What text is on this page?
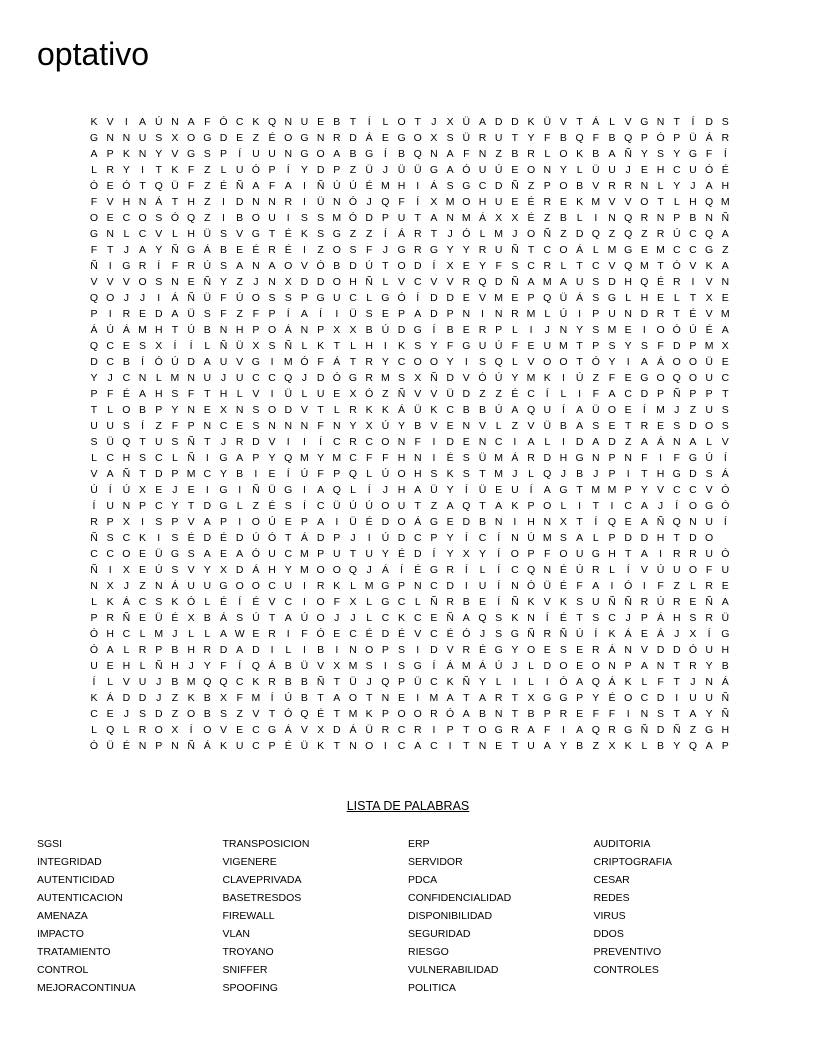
optativo
K V	I	A Ú N A F Ó C K Q N U E B T	Í	L O T J X Ü A D D K Ü V T Á L V G N T	Í	D S
G N N U S X O G D E Z É O G N R D Á E G O X S Ü R U T Y F B Q F B Q P Ó P Ü Á R
A P K N Y V G S P	Í	U U N G O A B G Í	B Q N A F N Z B R L O K B A Ñ Y S Y G F	Í
L R Y	I	T K F Z L U Ó P	Í	Y D P Z Ü J Ü Ü G A Ó U Ú E O N Y L Ü U J E H C U Ó É
Ó E Ó T Q Ü F Z É Ñ A F A	I	Ñ Ú Ú É M H	I	Á S G C D Ñ Z P O B V R R N L Y J A H
F V H N Á T H Z	I	D N N R	I	Ü N Ó J Q F	Í	X M O H U E É R E K M V V O T L H Q M
O E C O S Ó Q Z	I	B O U	I	S S M Ó D P U T A N M Á X X É Z B L	I	N Q R N P B N Ñ
G N L C V L H Ü S V G T É K S G Z Z	Í	Á R T J Ó L M J O Ñ Z D Q Z Q Z R Ú C Q A
F T J A Y Ñ G Á B E É R É	I	Z O S F J G R G Y Y R U Ñ T C O Á L M G E M C C G Z
Ñ	I G R	Í	F R Ú S A N A O V Ó B D Ú T O D	Í	X E Y F S C R L T C V Q M T Ó V K A
V V V O S N E Ñ Y Z J N X D D O H Ñ L V C V V R Q D Ñ A M A U S D H Q É R	I	V N
Q O J	J	I	Á Ñ Ü F Ú O S S P G U C L G Ó Í	D D E V M E P Q Ü Á S G L H E L T X E
P	I	R E D A Ü S F Z F P	Í	A	Í	I	Ü S E P A D P N	I	N R M L Ú	I	P U N D R T É V M
Á Ú Á M H T Ú B N H P O Á N P X X B Ú D G Í	B E R P L	I	J N Y S M E	I O Ó Ú É A
Q C E S X	Í	Í	L Ñ Ü X S Ñ L K T L H	I	K S Y F G U Ú F E U M T P S Y S F D P M X
D C B	Í Ó Ú D A U V G I M Ó F Á T R Y C O O Y	I	S Q L V O O T Ó Y	I	A Á O O Ü E
Y J C N L M N U J U C C Q J D Ó G R M S X Ñ D V Ó Ú Y M K	I	Ú Z F E G O Q O U C
P F É A H S F T H L V	I	Ü L U E X Ó Z Ñ V V Ü D Z Z É C	Í	L	I	F A C D P Ñ P P T
T L O B P Y N E X N S O D V T L R K K Á Ü K C B B Ú A Q U	Í	A Ü O E	Í M J Z U S
U U S	Í	Z F P N C E S N N N F N Y X Ú Y B V E N V L Z V Ü B A S E T R E S D O S
S Ü Q T U S Ñ T J R D V	I	I	Í	C R C O N F	I	D E N C	I	A L	I	D A D Z A Á N A L V
L C H S C L Ñ	I G A P Y Q M Y M C F F H N	I	É S Ü M Á R D H G N P N F	I	F G Ú	Í
V A Ñ T D P M C Y B	I	E	Í	Ú F P Q L Ú O H S K S T M J L Q J B J P	I	T H G D S Á
Ú	Í	Ú X E J E	I G I	Ñ Ü G I	A Q L	Í	J H A Ü Y	Í	Ü E U	Í	A G T M M P Y V C C V Ó
Í	U N P C Y T D G L Z É S	Í	C Ü Ú Ú O U T Z A Q T A K P O L	I	T	I	C A J	Í O G Ó
R P X	I	S P V A P	I O Ú E P A	I	Ü É D O Á G E D B N	I	H N X T	Í Q E A Ñ Q N U	Í
Ñ S C K	I	S É D É D Ú Ó T Á D P J	I	Ú D C P Y	Í	C	Í	N Ú M S A L P D D H T D O
C C O E Ü G S A E A Ó U C M P U T U Y É D	Í	Y X Y	Í O P F O U G H T A	I	R R U Ó
Ñ	I	X E Ú S V Y X D Á H Y M O O Q J Á	Í	É G R	Í	L	Í	C Q N É Ú R L	Í	V Ú U O F U
N X J Z N Á U U G O O C U	I	R K L M G P N C D	I	U	Í	N Ó Ü É F A	I Ó I	F Z L R E
L K Á C S K Ó L É	Í	É V C	I O F X L G C L Ñ R B E	Í	Ñ K V K S U Ñ Ñ R Ú R E Ñ A
P R Ñ E Ü É X B Á S Ú T A Ú O J	J L C K C E Ñ A Q S K N	Í	É T S C J P Á H S R Ü
Ó H C L M J L L A W E R	I	F Ó E C É D É V C É Ó J S G Ñ R Ñ Ú	Í	K Á E Á J X	Í G
Ó A L R P B H R D A D	I	L	I	B	I	N O P S	I	D V R É G Y O E S E R Á N V D D Ó U H
U E H L Ñ H J Y F	Í Q Á B Ü V X M S	I	S G Í	Á M Á Ú J L D O E O N P A N T R Y B
Í	L V U J B M Q Q C K R B B Ñ T Ü J Q P Ü C K Ñ Y L	I	L	I Ó A Q Á K L F T J N Á
K Á D D J Z K B X F M Í	Ú B T A O T N E	I M A T A R T X G G P Y É O C D	I	U U Ñ
C E J S D Z O B S Z V T Ó Q É T M K P O O R Ó A B N T B P R E F F	I	N S T A Y Ñ
L Q L R O X	Í O V E C G Á V X D Á Ü R C R	I	P T O G R A F	I	A Q R G Ñ D Ñ Z G H
Ó Ü É N P N Ñ Á K U C P É Ü K T N O I	C A C	I	T N E T U A Y B Z X K L B Y Q A P
LISTA DE PALABRAS
SGSI
INTEGRIDAD
AUTENTICIDAD
AUTENTICACION
AMENAZA
IMPACTO
TRATAMIENTO
CONTROL
MEJORACONTINUA
TRANSPOSICION
VIGENERE
CLAVEPRIVADA
BASETRESDOS
FIREWALL
VLAN
TROYANO
SNIFFER
SPOOFING
ERP
SERVIDOR
PDCA
CONFIDENCIALIDAD
DISPONIBILIDAD
SEGURIDAD
RIESGO
VULNERABILIDAD
POLITICA
AUDITORIA
CRIPTOGRAFIA
CESAR
REDES
VIRUS
DDOS
PREVENTIVO
CONTROLES
